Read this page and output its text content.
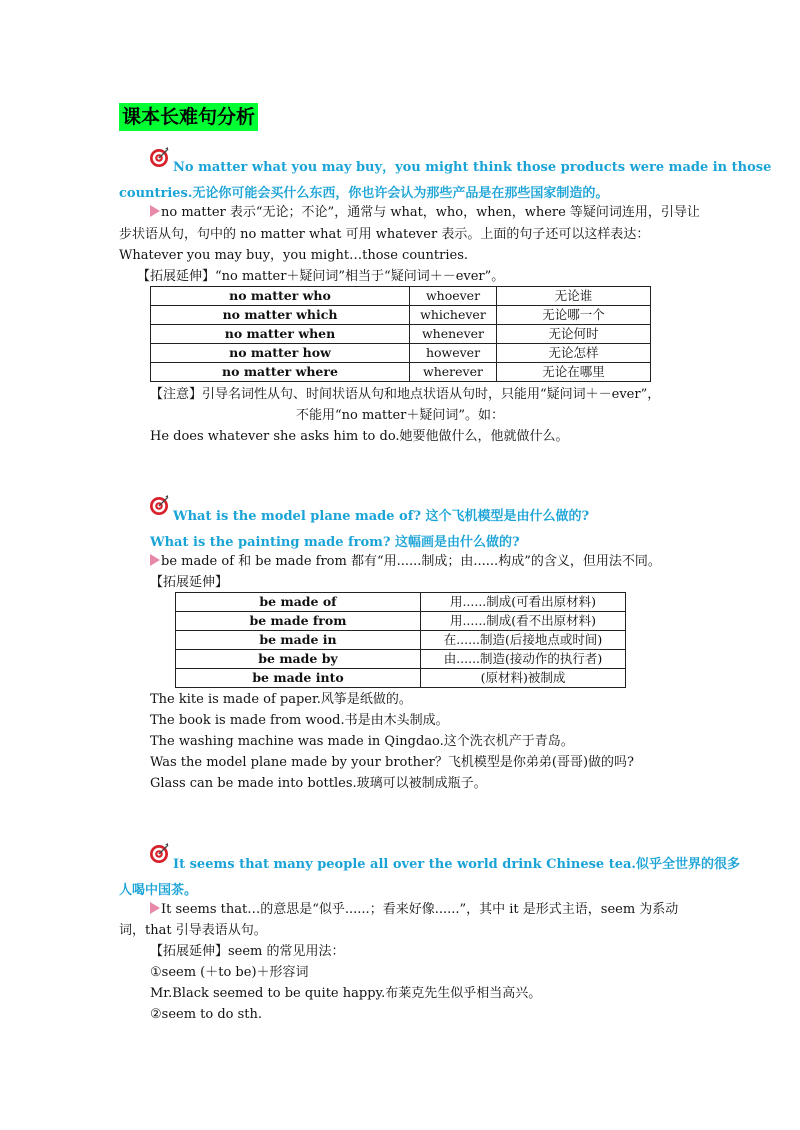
课本长难句分析
No matter what you may buy，you might think those products were made in those
countries.无论你可能会买什么东西，你也许会认为那些产品是在那些国家制造的。
no matter 表示“无论；不论”，通常与 what，who，when，where 等疑问词连用，引导让
步状语从句，句中的 no matter what 可用 whatever 表示。上面的句子还可以这样表达：
Whatever you may buy，you might…those countries.
【拓展延伸】“no matter＋疑问词”相当于“疑问词＋－ever”。
no matter who	whoever	无论谁
no matter which	whichever	无论哪一个
no matter when	whenever	无论何时
no matter how	however	无论怎样
no matter where	wherever	无论在哪里
【注意】引导名词性从句、时间状语从句和地点状语从句时，只能用“疑问词＋－ever”，
不能用“no matter＋疑问词”。如：
He does whatever she asks him to do.她要他做什么，他就做什么。
What is the model plane made of? 这个飞机模型是由什么做的?
What is the painting made from? 这幅画是由什么做的?
be made of 和 be made from 都有“用......制成；由......构成”的含义，但用法不同。
【拓展延伸】
be made of	用......制成(可看出原材料)
be made from	用......制成(看不出原材料)
be made in	在......制造(后接地点或时间)
be made by	由......制造(接动作的执行者)
be made into	(原材料)被制成
The kite is made of paper.风筝是纸做的。
The book is made from wood.书是由木头制成。
The washing machine was made in Qingdao.这个洗衣机产于青岛。
Was the model plane made by your brother？飞机模型是你弟弟(哥哥)做的吗?
Glass can be made into bottles.玻璃可以被制成瓶子。
It seems that many people all over the world drink Chinese tea.似乎全世界的很多
人喝中国茶。
It seems that…的意思是“似乎......；看来好像......”，其中 it 是形式主语，seem 为系动
词，that 引导表语从句。
【拓展延伸】seem 的常见用法：
①seem (＋to be)＋形容词
Mr.Black seemed to be quite happy.布莱克先生似乎相当高兴。
②seem to do sth.
